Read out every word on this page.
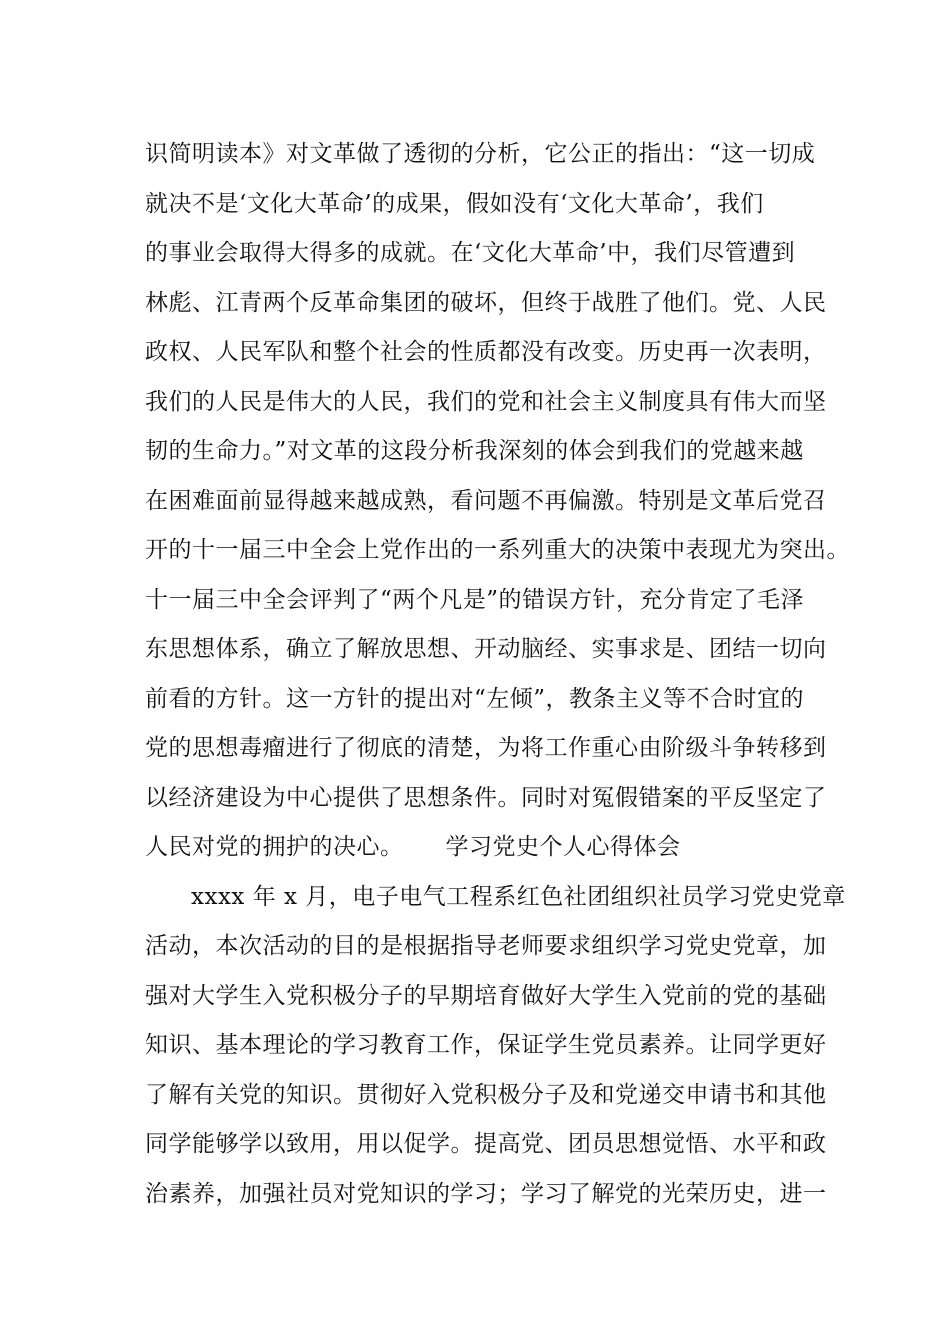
识简明读本》对文革做了透彻的分析，它公正的指出：“这一切成
就决不是‘文化大革命’的成果，假如没有‘文化大革命’，我们
的事业会取得大得多的成就。在‘文化大革命’中，我们尽管遭到
林彪、江青两个反革命集团的破坏，但终于战胜了他们。党、人民
政权、人民军队和整个社会的性质都没有改变。历史再一次表明，
我们的人民是伟大的人民，我们的党和社会主义制度具有伟大而坚
韧的生命力。”对文革的这段分析我深刻的体会到我们的党越来越
在困难面前显得越来越成熟，看问题不再偏激。特别是文革后党召
开的十一届三中全会上党作出的一系列重大的决策中表现尤为突出。
十一届三中全会评判了“两个凡是”的错误方针，充分肯定了毛泽
东思想体系，确立了解放思想、开动脑经、实事求是、团结一切向
前看的方针。这一方针的提出对“左倾”，教条主义等不合时宜的
党的思想毒瘤进行了彻底的清楚，为将工作重心由阶级斗争转移到
以经济建设为中心提供了思想条件。同时对冤假错案的平反坚定了
人民对党的拥护的决心。 学习党史个人心得体会
xxxx 年 x 月，电子电气工程系红色社团组织社员学习党史党章
活动，本次活动的目的是根据指导老师要求组织学习党史党章，加
强对大学生入党积极分子的早期培育做好大学生入党前的党的基础
知识、基本理论的学习教育工作，保证学生党员素养。让同学更好
了解有关党的知识。贯彻好入党积极分子及和党递交申请书和其他
同学能够学以致用，用以促学。提高党、团员思想觉悟、水平和政
治素养，加强社员对党知识的学习；学习了解党的光荣历史，进一
